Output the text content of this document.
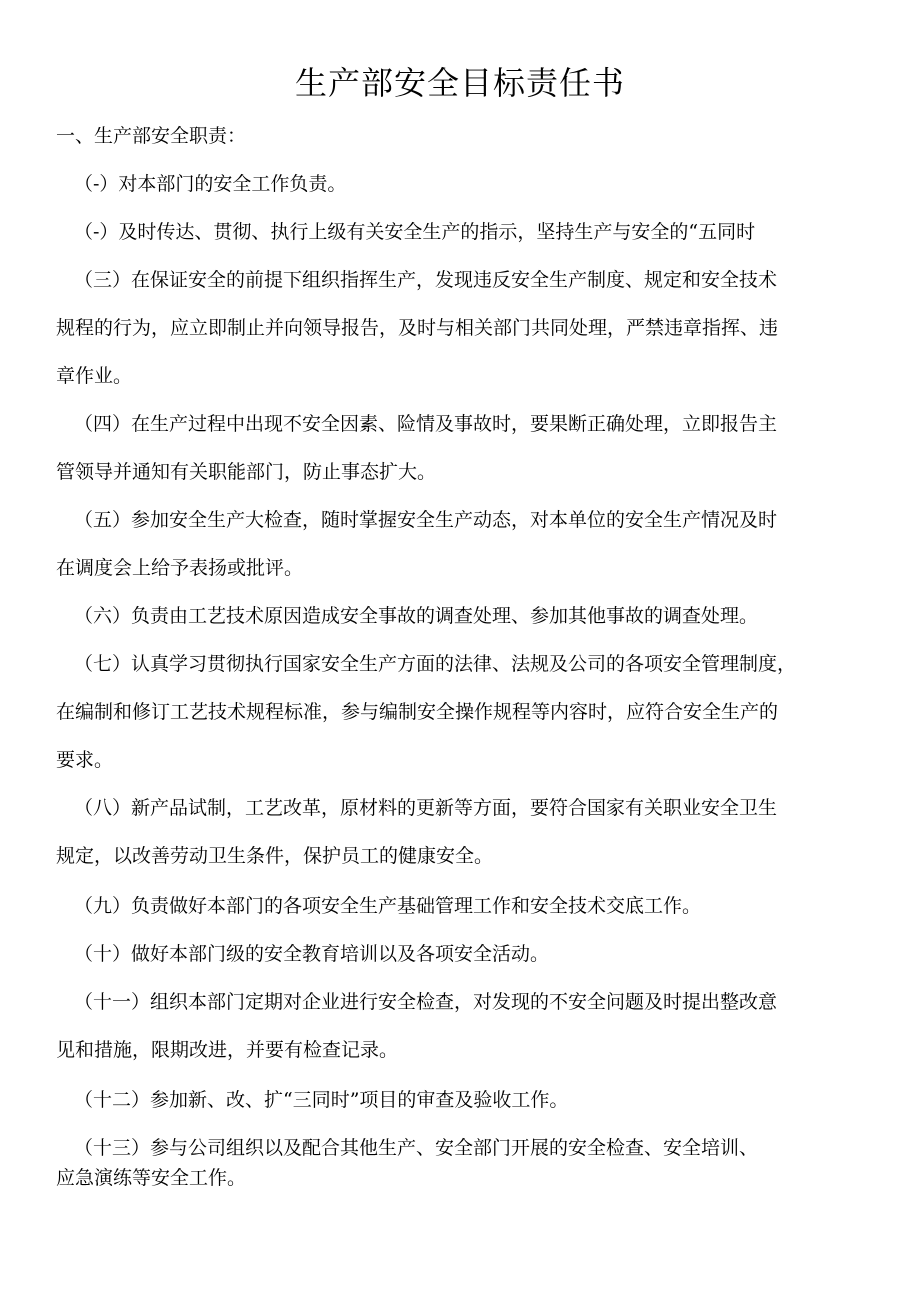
生产部安全目标责任书
一、生产部安全职责：
（-）对本部门的安全工作负责。
（-）及时传达、贯彻、执行上级有关安全生产的指示，坚持生产与安全的“五同时
（三）在保证安全的前提下组织指挥生产，发现违反安全生产制度、规定和安全技术
规程的行为，应立即制止并向领导报告，及时与相关部门共同处理，严禁违章指挥、违
章作业。
（四）在生产过程中出现不安全因素、险情及事故时，要果断正确处理，立即报告主
管领导并通知有关职能部门，防止事态扩大。
（五）参加安全生产大检查，随时掌握安全生产动态，对本单位的安全生产情况及时
在调度会上给予表扬或批评。
（六）负责由工艺技术原因造成安全事故的调查处理、参加其他事故的调查处理。
（七）认真学习贯彻执行国家安全生产方面的法律、法规及公司的各项安全管理制度，
在编制和修订工艺技术规程标准，参与编制安全操作规程等内容时，应符合安全生产的
要求。
（八）新产品试制，工艺改革，原材料的更新等方面，要符合国家有关职业安全卫生
规定，以改善劳动卫生条件，保护员工的健康安全。
（九）负责做好本部门的各项安全生产基础管理工作和安全技术交底工作。
（十）做好本部门级的安全教育培训以及各项安全活动。
（十一）组织本部门定期对企业进行安全检查，对发现的不安全问题及时提出整改意
见和措施，限期改进，并要有检查记录。
（十二）参加新、改、扩“三同时”项目的审查及验收工作。
（十三）参与公司组织以及配合其他生产、安全部门开展的安全检查、安全培训、
应急演练等安全工作。
